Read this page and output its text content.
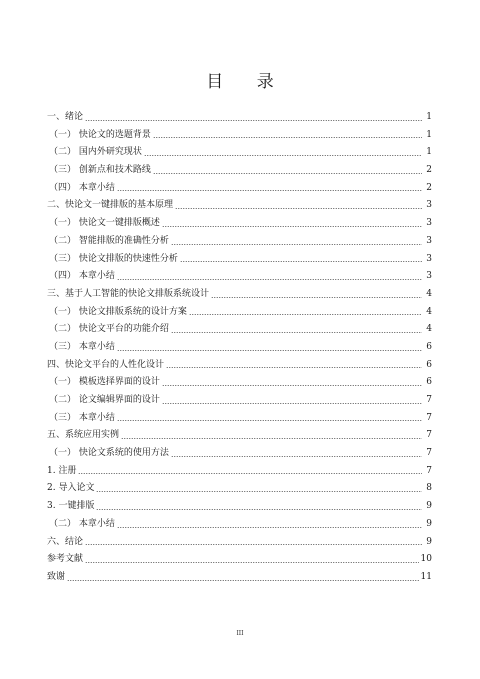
目 录
一、绪论	1
（一） 快论文的选题背景	1
（二） 国内外研究现状	1
（三） 创新点和技术路线	2
（四） 本章小结	2
二、快论文一键排版的基本原理	3
（一） 快论文一键排版概述	3
（二） 智能排版的准确性分析	3
（三） 快论文排版的快速性分析	3
（四） 本章小结	3
三、基于人工智能的快论文排版系统设计	4
（一） 快论文排版系统的设计方案	4
（二） 快论文平台的功能介绍	4
（三） 本章小结	6
四、快论文平台的人性化设计	6
（一） 模板选择界面的设计	6
（二） 论文编辑界面的设计	7
（三） 本章小结	7
五、系统应用实例	7
（一） 快论文系统的使用方法	7
1. 注册	7
2. 导入论文	8
3. 一键排版	9
（二） 本章小结	9
六、结论	9
参考文献	10
致谢	11
III
